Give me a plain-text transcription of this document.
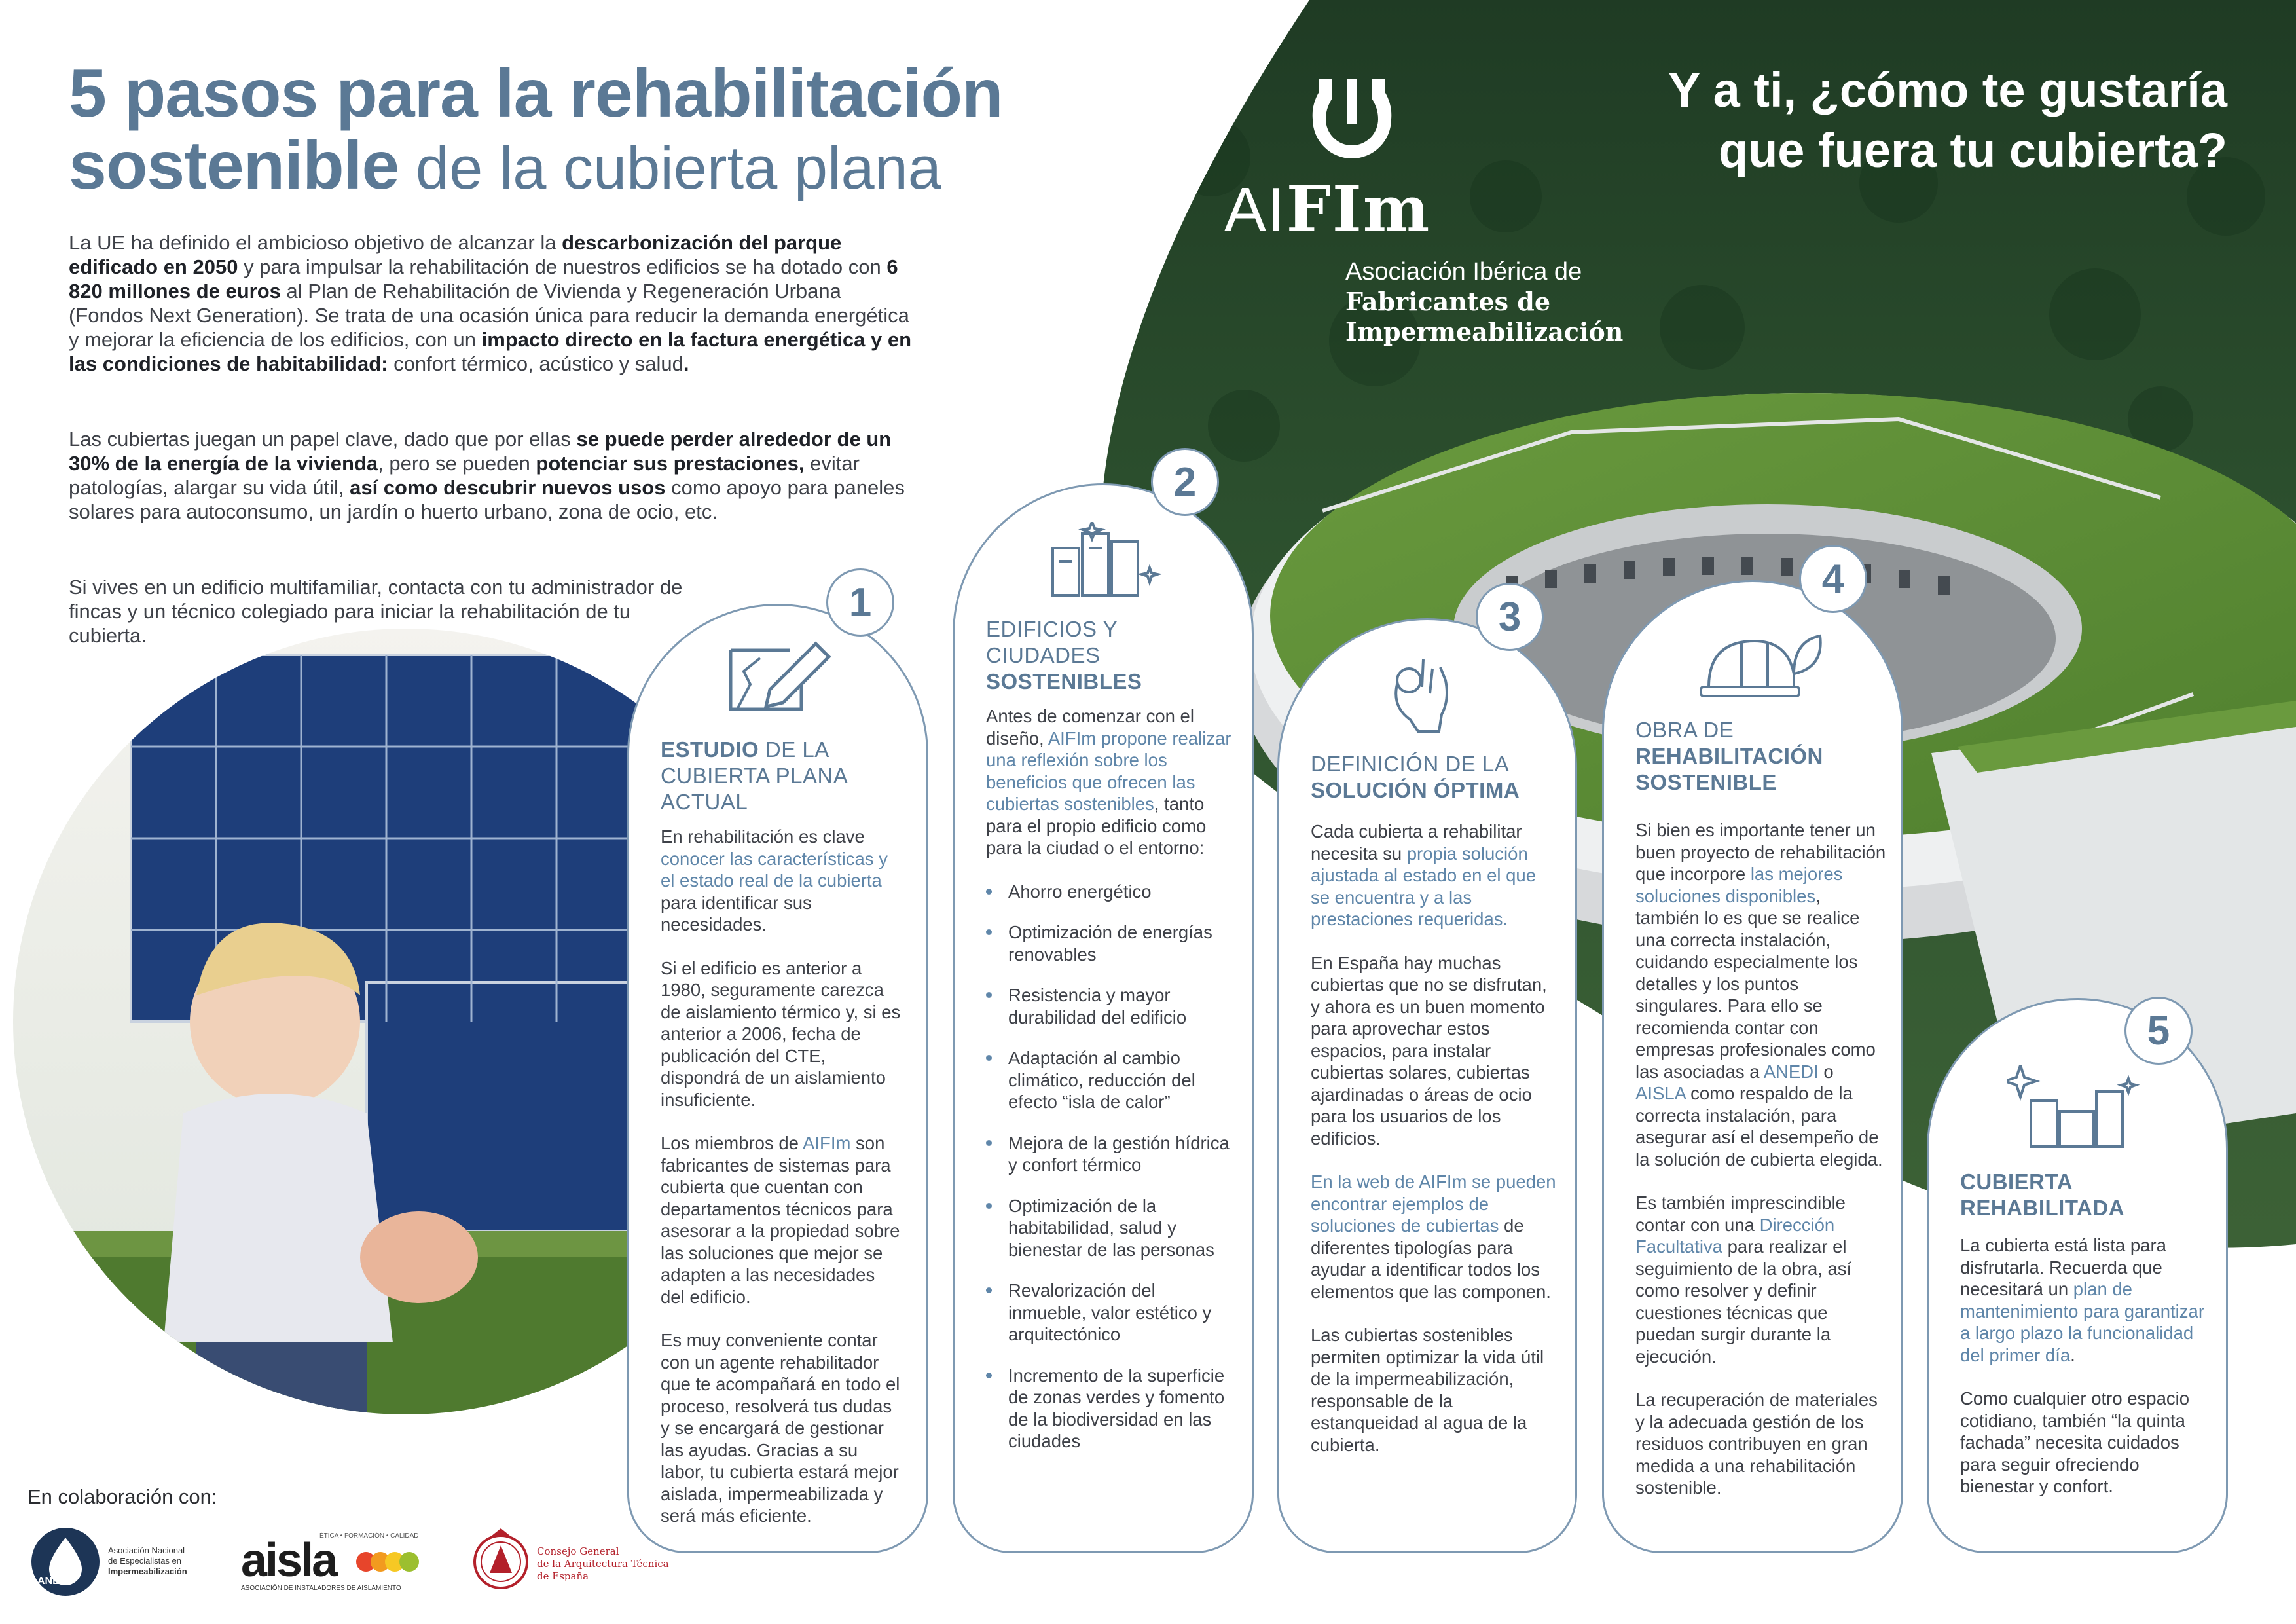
5 pasos para la rehabilitación
sostenible de la cubierta plana
La UE ha definido el ambicioso objetivo de alcanzar la descarbonización del parque edificado en 2050 y para impulsar la rehabilitación de nuestros edificios se ha dotado con 6 820 millones de euros al Plan de Rehabilitación de Vivienda y Regeneración Urbana (Fondos Next Generation). Se trata de una ocasión única para reducir la demanda energética y mejorar la eficiencia de los edificios, con un impacto directo en la factura energética y en las condiciones de habitabilidad: confort térmico, acústico y salud.
Las cubiertas juegan un papel clave, dado que por ellas se puede perder alrededor de un 30% de la energía de la vivienda, pero se pueden potenciar sus prestaciones, evitar patologías, alargar su vida útil, así como descubrir nuevos usos como apoyo para paneles solares para autoconsumo, un jardín o huerto urbano, zona de ocio, etc.
Si vives en un edificio multifamiliar, contacta con tu administrador de fincas y un técnico colegiado para iniciar la rehabilitación de tu cubierta.
Y a ti, ¿cómo te gustaría
que fuera tu cubierta?
AIFIm
Asociación Ibérica de
Fabricantes de
Impermeabilización
ESTUDIO DE LA CUBIERTA PLANA ACTUAL

En rehabilitación es clave conocer las características y el estado real de la cubierta para identificar sus necesidades.

Si el edificio es anterior a 1980, seguramente carezca de aislamiento térmico y, si es anterior a 2006, fecha de publicación del CTE, dispondrá de un aislamiento insuficiente.

Los miembros de AIFIm son fabricantes de sistemas para cubierta que cuentan con departamentos técnicos para asesorar a la propiedad sobre las soluciones que mejor se adapten a las necesidades del edificio.

Es muy conveniente contar con un agente rehabilitador que te acompañará en todo el proceso, resolverá tus dudas y se encargará de gestionar las ayudas. Gracias a su labor, tu cubierta estará mejor aislada, impermeabilizada y será más eficiente.

1
EDIFICIOS Y CIUDADES SOSTENIBLES

Antes de comenzar con el diseño, AIFIm propone realizar una reflexión sobre los beneficios que ofrecen las cubiertas sostenibles, tanto para el propio edificio como para la ciudad o el entorno:

Ahorro energético
Optimización de energías renovables
Resistencia y mayor durabilidad del edificio
Adaptación al cambio climático, reducción del efecto “isla de calor”
Mejora de la gestión hídrica y confort térmico
Optimización de la habitabilidad, salud y bienestar de las personas
Revalorización del inmueble, valor estético y arquitectónico
Incremento de la superficie de zonas verdes y fomento de la biodiversidad en las ciudades
2
DEFINICIÓN DE LA SOLUCIÓN ÓPTIMA

Cada cubierta a rehabilitar necesita su propia solución ajustada al estado en el que se encuentra y a las prestaciones requeridas.

En España hay muchas cubiertas que no se disfrutan, y ahora es un buen momento para aprovechar estos espacios, para instalar cubiertas solares, cubiertas ajardinadas o áreas de ocio para los usuarios de los edificios.

En la web de AIFIm se pueden encontrar ejemplos de soluciones de cubiertas de diferentes tipologías para ayudar a identificar todos los elementos que las componen.

Las cubiertas sostenibles permiten optimizar la vida útil de la impermeabilización, responsable de la estanqueidad al agua de la cubierta.

3
OBRA DE REHABILITACIÓN SOSTENIBLE

Si bien es importante tener un buen proyecto de rehabilitación que incorpore las mejores soluciones disponibles, también lo es que se realice una correcta instalación, cuidando especialmente los detalles y los puntos singulares. Para ello se recomienda contar con empresas profesionales como las asociadas a ANEDI o AISLA como respaldo de la correcta instalación, para asegurar así el desempeño de la solución de cubierta elegida.

Es también imprescindible contar con una Dirección Facultativa para realizar el seguimiento de la obra, así como resolver y definir cuestiones técnicas que puedan surgir durante la ejecución.

La recuperación de materiales y la adecuada gestión de los residuos contribuyen en gran medida a una rehabilitación sostenible.

4
CUBIERTA REHABILITADA

La cubierta está lista para disfrutarla. Recuerda que necesitará un plan de mantenimiento para garantizar a largo plazo la funcionalidad del primer día.

Como cualquier otro espacio cotidiano, también “la quinta fachada” necesita cuidados para seguir ofreciendo bienestar y confort.

5
En colaboración con:
ANEDI
Asociación Nacional
de Especialistas en
Impermeabilización	aisla
ÉTICA • FORMACIÓN • CALIDAD
ASOCIACIÓN DE INSTALADORES DE AISLAMIENTO
Consejo General
de la Arquitectura Técnica
de España
